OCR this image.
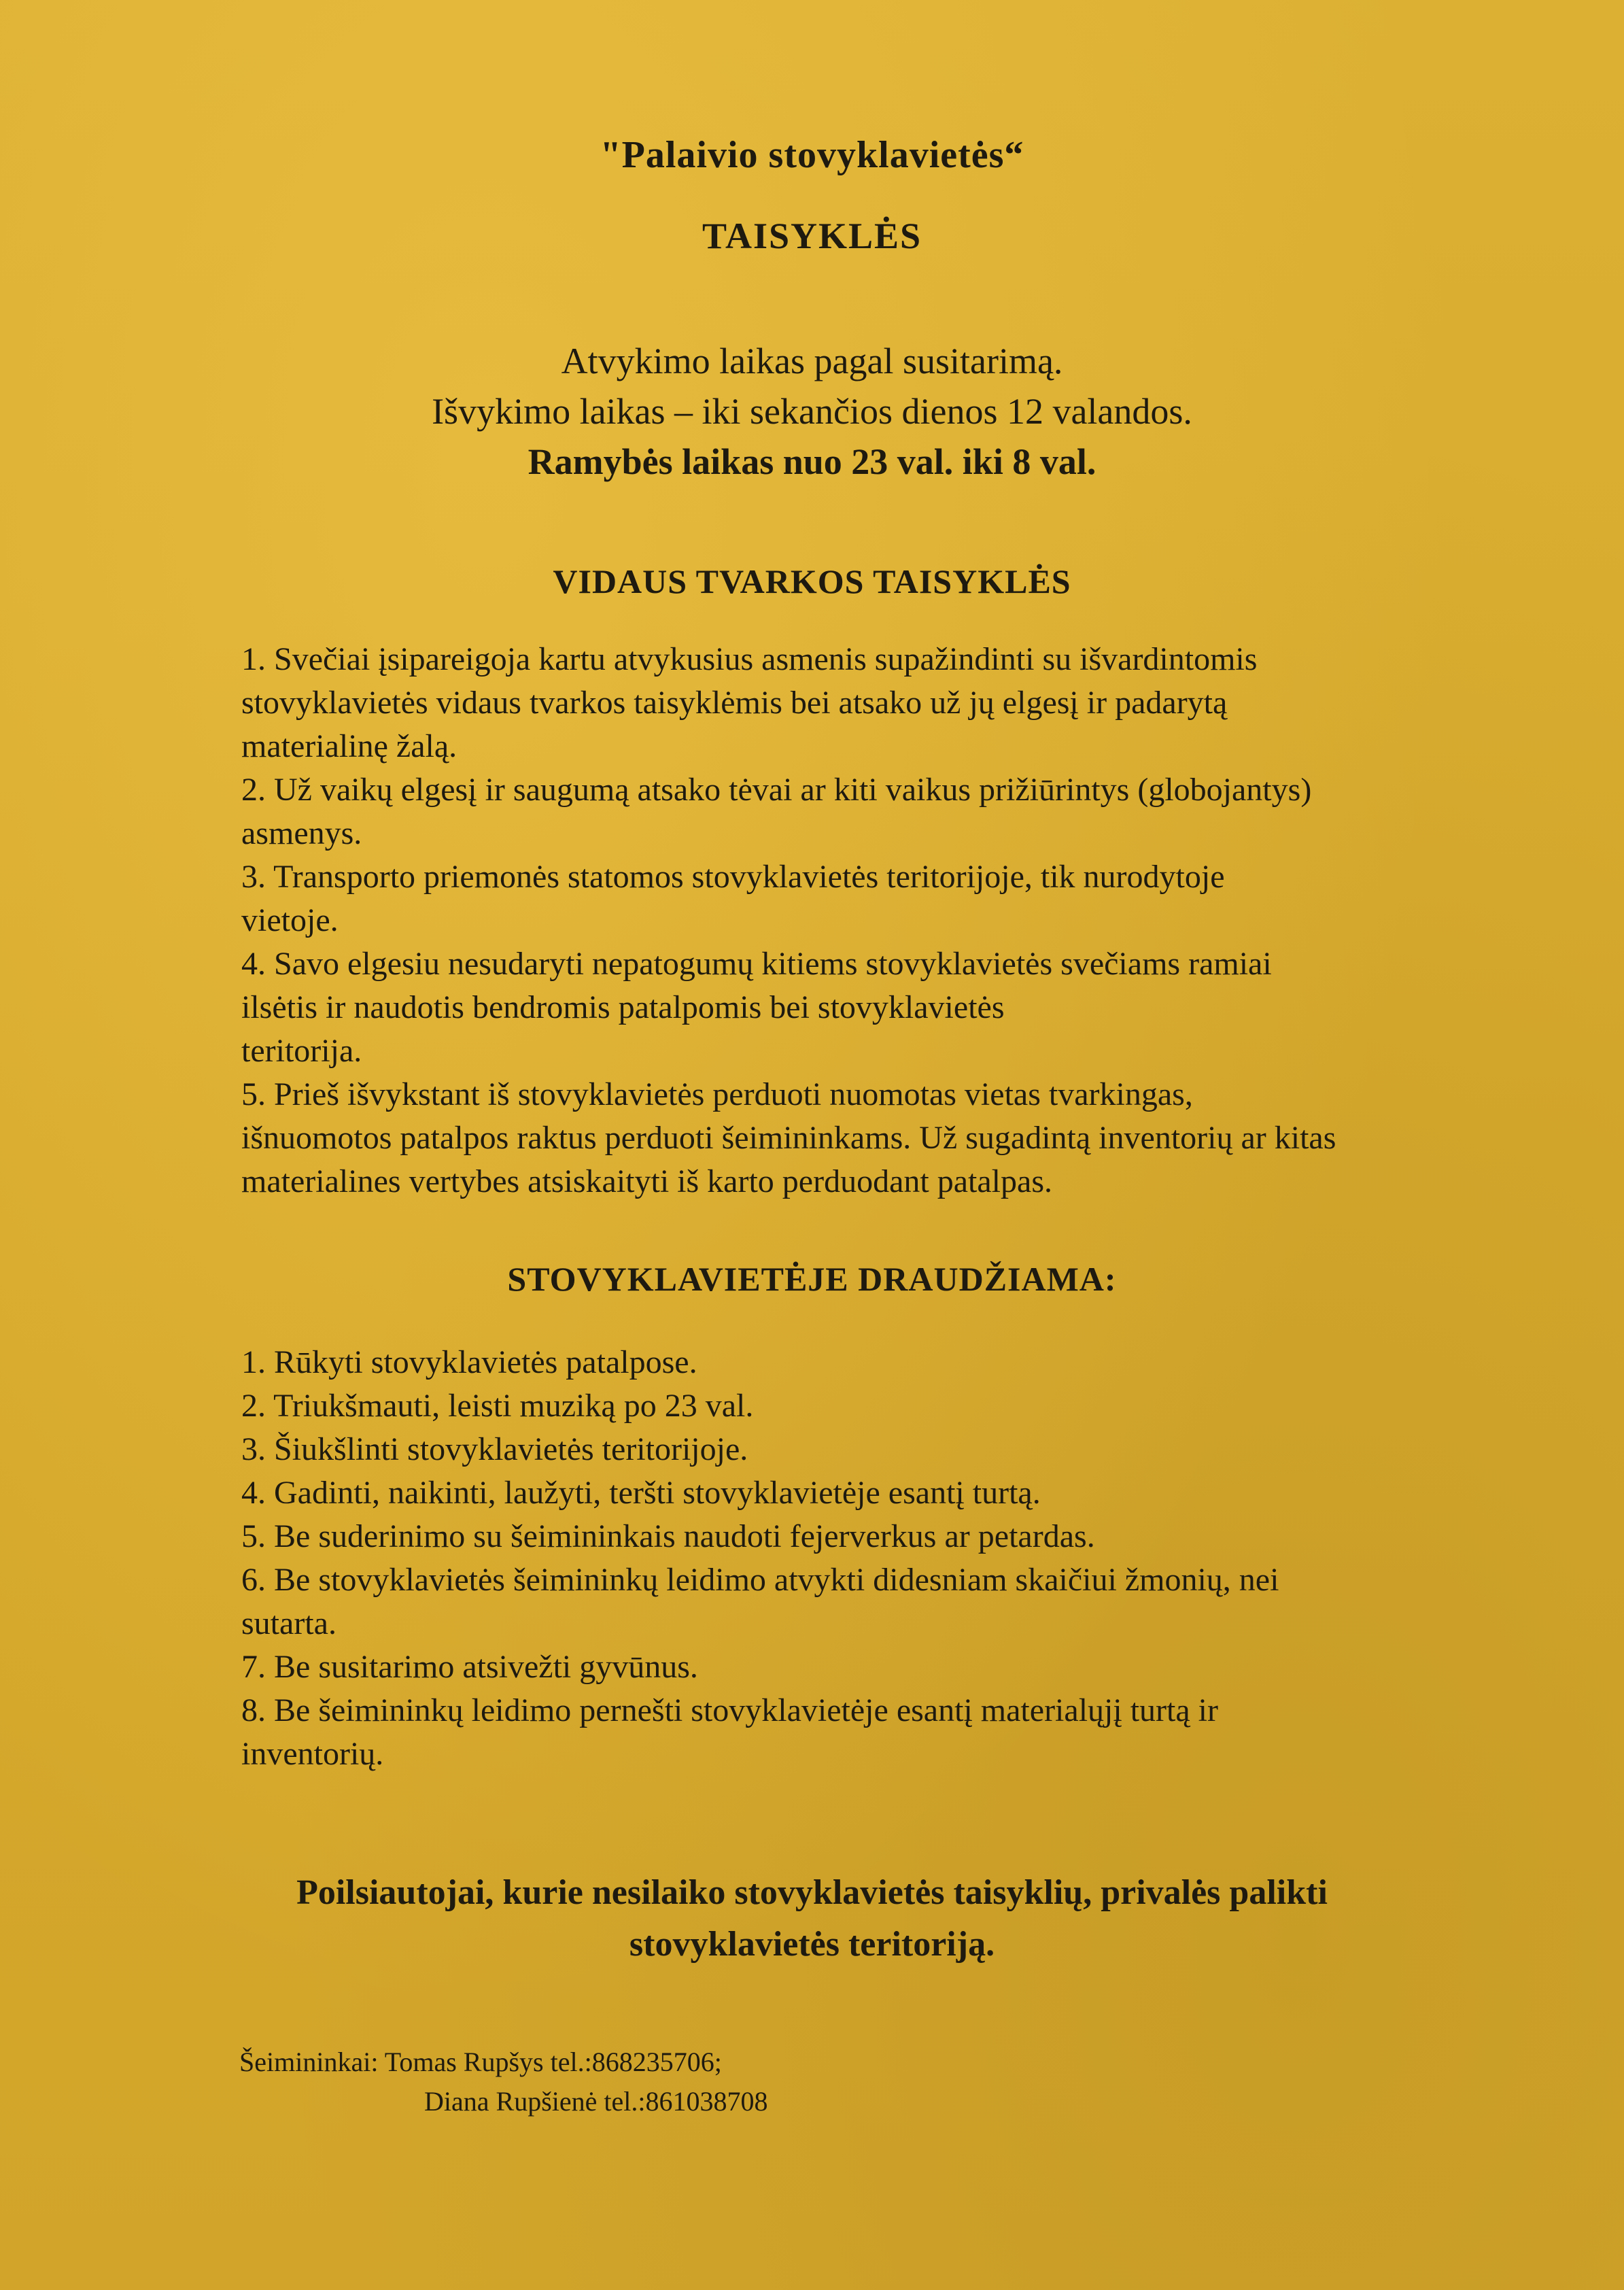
"Palaivio stovyklavietės“
TAISYKLĖS
Atvykimo laikas pagal susitarimą.
Išvykimo laikas – iki sekančios dienos 12 valandos.
Ramybės laikas nuo 23 val. iki 8 val.
VIDAUS TVARKOS TAISYKLĖS

1. Svečiai įsipareigoja kartu atvykusius asmenis supažindinti su išvardintomis

stovyklavietės vidaus tvarkos taisyklėmis bei atsako už jų elgesį ir padarytą

materialinę žalą.

2. Už vaikų elgesį ir saugumą atsako tėvai ar kiti vaikus prižiūrintys (globojantys)

asmenys.

3. Transporto priemonės statomos stovyklavietės teritorijoje, tik nurodytoje

vietoje.

4. Savo elgesiu nesudaryti nepatogumų kitiems stovyklavietės svečiams ramiai

ilsėtis ir naudotis bendromis patalpomis bei stovyklavietės

teritorija.

5. Prieš išvykstant iš stovyklavietės perduoti nuomotas vietas tvarkingas,

išnuomotos patalpos raktus perduoti šeimininkams. Už sugadintą inventorių ar kitas

materialines vertybes atsiskaityti iš karto perduodant patalpas.

STOVYKLAVIETĖJE DRAUDŽIAMA:

1. Rūkyti stovyklavietės patalpose.

2. Triukšmauti, leisti muziką po 23 val.

3. Šiukšlinti stovyklavietės teritorijoje.

4. Gadinti, naikinti, laužyti, teršti stovyklavietėje esantį turtą.

5. Be suderinimo su šeimininkais naudoti fejerverkus ar petardas.

6. Be stovyklavietės šeimininkų leidimo atvykti didesniam skaičiui žmonių, nei

sutarta.

7. Be susitarimo atsivežti gyvūnus.

8. Be šeimininkų leidimo pernešti stovyklavietėje esantį materialųjį turtą ir

inventorių.

Poilsiautojai, kurie nesilaiko stovyklavietės taisyklių, privalės palikti
stovyklavietės teritoriją.
Šeimininkai: Tomas Rupšys tel.:868235706;
Diana Rupšienė tel.:861038708
